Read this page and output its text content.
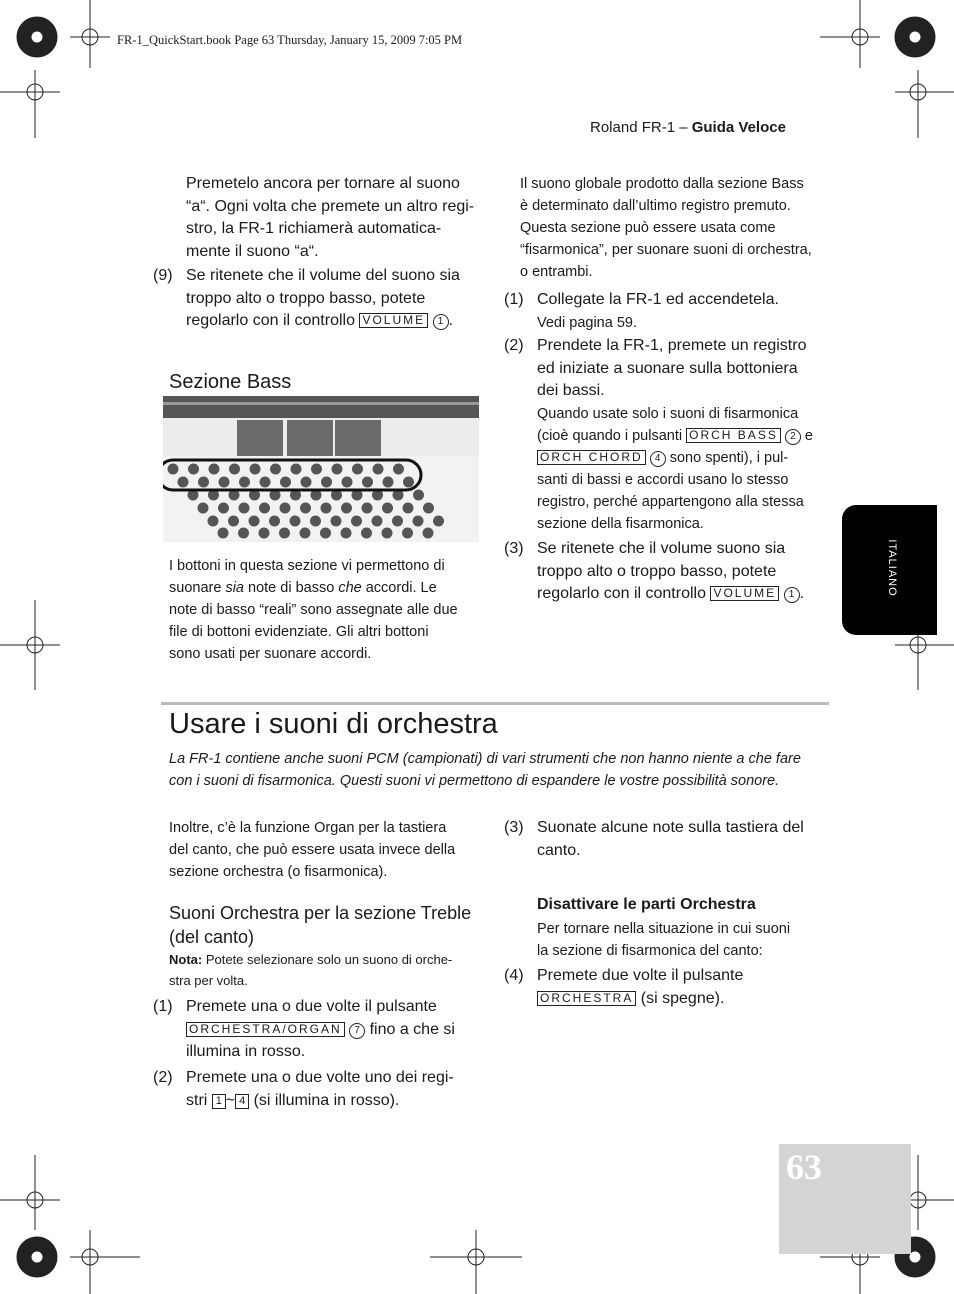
FR-1_QuickStart.book Page 63 Thursday, January 15, 2009 7:05 PM
Roland FR-1 – Guida Veloce
ITALIANO
63
Premetelo ancora per tornare al suono
“a“. Ogni volta che premete un altro regi-
stro, la FR-1 richiamerà automatica-
mente il suono “a“.
(9) Se ritenete che il volume del suono sia
troppo alto o troppo basso, potete
regolarlo con il controllo VOLUME 1 .
Sezione Bass
I bottoni in questa sezione vi permettono di
suonare sia note di basso che accordi. Le
note di basso “reali” sono assegnate alle due
file di bottoni evidenziate. Gli altri bottoni
sono usati per suonare accordi.
Il suono globale prodotto dalla sezione Bass
è determinato dall’ultimo registro premuto.
Questa sezione può essere usata come
“fisarmonica”, per suonare suoni di orchestra,
o entrambi.
(1) Collegate la FR-1 ed accendetela.
Vedi pagina 59.
(2) Prendete la FR-1, premete un registro
ed iniziate a suonare sulla bottoniera
dei bassi.
Quando usate solo i suoni di fisarmonica
(cioè quando i pulsanti ORCH BASS 2 e
ORCH CHORD 4 sono spenti), i pul-
santi di bassi e accordi usano lo stesso
registro, perché appartengono alla stessa
sezione della fisarmonica.
(3) Se ritenete che il volume suono sia
troppo alto o troppo basso, potete
regolarlo con il controllo VOLUME 1 .
Usare i suoni di orchestra
La FR-1 contiene anche suoni PCM (campionati) di vari strumenti che non hanno niente a che fare
con i suoni di fisarmonica. Questi suoni vi permettono di espandere le vostre possibilità sonore.
Inoltre, c’è la funzione Organ per la tastiera
del canto, che può essere usata invece della
sezione orchestra (o fisarmonica).
Suoni Orchestra per la sezione Treble
(del canto)
Nota: Potete selezionare solo un suono di orche-
stra per volta.
(1) Premete una o due volte il pulsante
ORCHESTRA/ORGAN 7 fino a che si
illumina in rosso.
(2) Premete una o due volte uno dei regi-
stri 1 ~ 4 (si illumina in rosso).
(3) Suonate alcune note sulla tastiera del
canto.
Disattivare le parti Orchestra
Per tornare nella situazione in cui suoni
la sezione di fisarmonica del canto:
(4) Premete due volte il pulsante
ORCHESTRA (si spegne).
